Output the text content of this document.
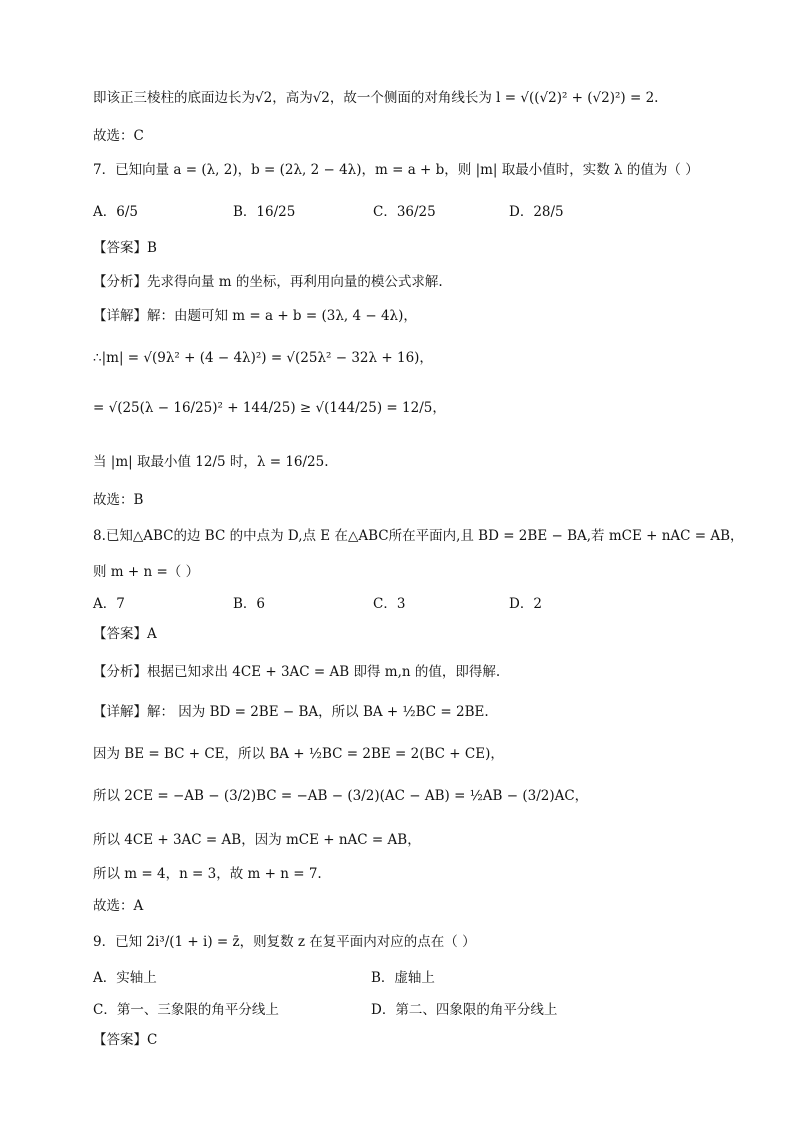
即该正三棱柱的底面边长为√2，高为√2，故一个侧面的对角线长为 l = √((√2)² + (√2)²) = 2.
故选：C
7．已知向量 a = (λ, 2)，b = (2λ, 2 − 4λ)，m = a + b，则 |m| 取最小值时，实数 λ 的值为（ ）
A．6/5	B．16/25	C．36/25	D．28/5
【答案】B
【分析】先求得向量 m 的坐标，再利用向量的模公式求解.
【详解】解：由题可知 m = a + b = (3λ, 4 − 4λ)，
∴|m| = √(9λ² + (4 − 4λ)²) = √(25λ² − 32λ + 16)，
= √(25(λ − 16/25)² + 144/25) ≥ √(144/25) = 12/5，
当 |m| 取最小值 12/5 时，λ = 16/25.
故选：B
8.已知△ABC的边 BC 的中点为 D,点 E 在△ABC所在平面内,且 BD = 2BE − BA,若 mCE + nAC = AB，
则 m + n =（ ）
A．7	B．6	C．3	D．2
【答案】A
【分析】根据已知求出 4CE + 3AC = AB 即得 m,n 的值，即得解.
【详解】解： 因为 BD = 2BE − BA，所以 BA + ½BC = 2BE.
因为 BE = BC + CE，所以 BA + ½BC = 2BE = 2(BC + CE)，
所以 2CE = −AB − (3/2)BC = −AB − (3/2)(AC − AB) = ½AB − (3/2)AC，
所以 4CE + 3AC = AB，因为 mCE + nAC = AB，
所以 m = 4，n = 3，故 m + n = 7.
故选：A
9．已知 2i³/(1 + i) = z̄，则复数 z 在复平面内对应的点在（ ）
A．实轴上	B．虚轴上
C．第一、三象限的角平分线上	D．第二、四象限的角平分线上
【答案】C
